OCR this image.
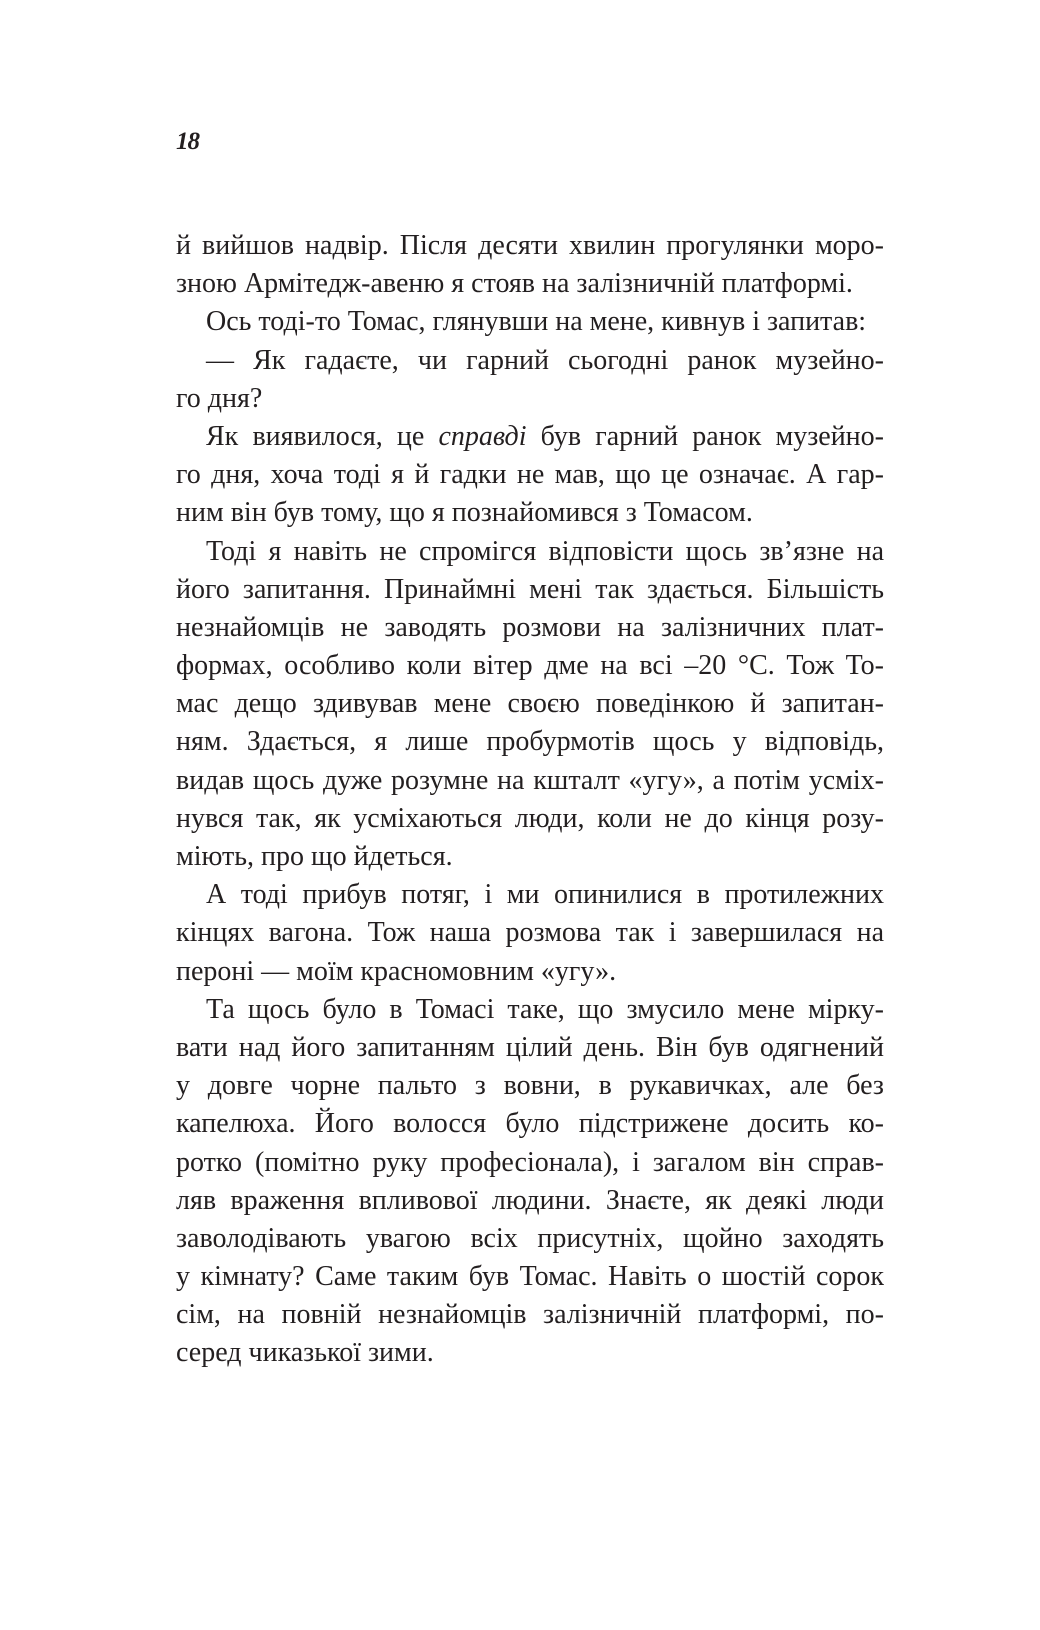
18
й вийшов надвір. Після десяти хвилин прогулянки моро-
зною Армітедж-авеню я стояв на залізничній платформі.
Ось тоді-то Томас, глянувши на мене, кивнув і запитав:
— Як гадаєте, чи гарний сьогодні ранок музейно-
го дня?
Як виявилося, це справді був гарний ранок музейно-
го дня, хоча тоді я й гадки не мав, що це означає. А гар-
ним він був тому, що я познайомився з Томасом.
Тоді я навіть не спромігся відповісти щось зв’язне на
його запитання. Принаймні мені так здається. Більшість
незнайомців не заводять розмови на залізничних плат-
формах, особливо коли вітер дме на всі –20 °С. Тож То-
мас дещо здивував мене своєю поведінкою й запитан-
ням. Здається, я лише пробурмотів щось у відповідь,
видав щось дуже розумне на кшталт «угу», а потім усміх-
нувся так, як усміхаються люди, коли не до кінця розу-
міють, про що йдеться.
А тоді прибув потяг, і ми опинилися в протилежних
кінцях вагона. Тож наша розмова так і завершилася на
пероні — моїм красномовним «угу».
Та щось було в Томасі таке, що змусило мене мірку-
вати над його запитанням цілий день. Він був одягнений
у довге чорне пальто з вовни, в рукавичках, але без
капелюха. Його волосся було підстрижене досить ко-
ротко (помітно руку професіонала), і загалом він справ-
ляв враження впливової людини. Знаєте, як деякі люди
заволодівають увагою всіх присутніх, щойно заходять
у кімнату? Саме таким був Томас. Навіть о шостій сорок
сім, на повній незнайомців залізничній платформі, по-
серед чиказької зими.
